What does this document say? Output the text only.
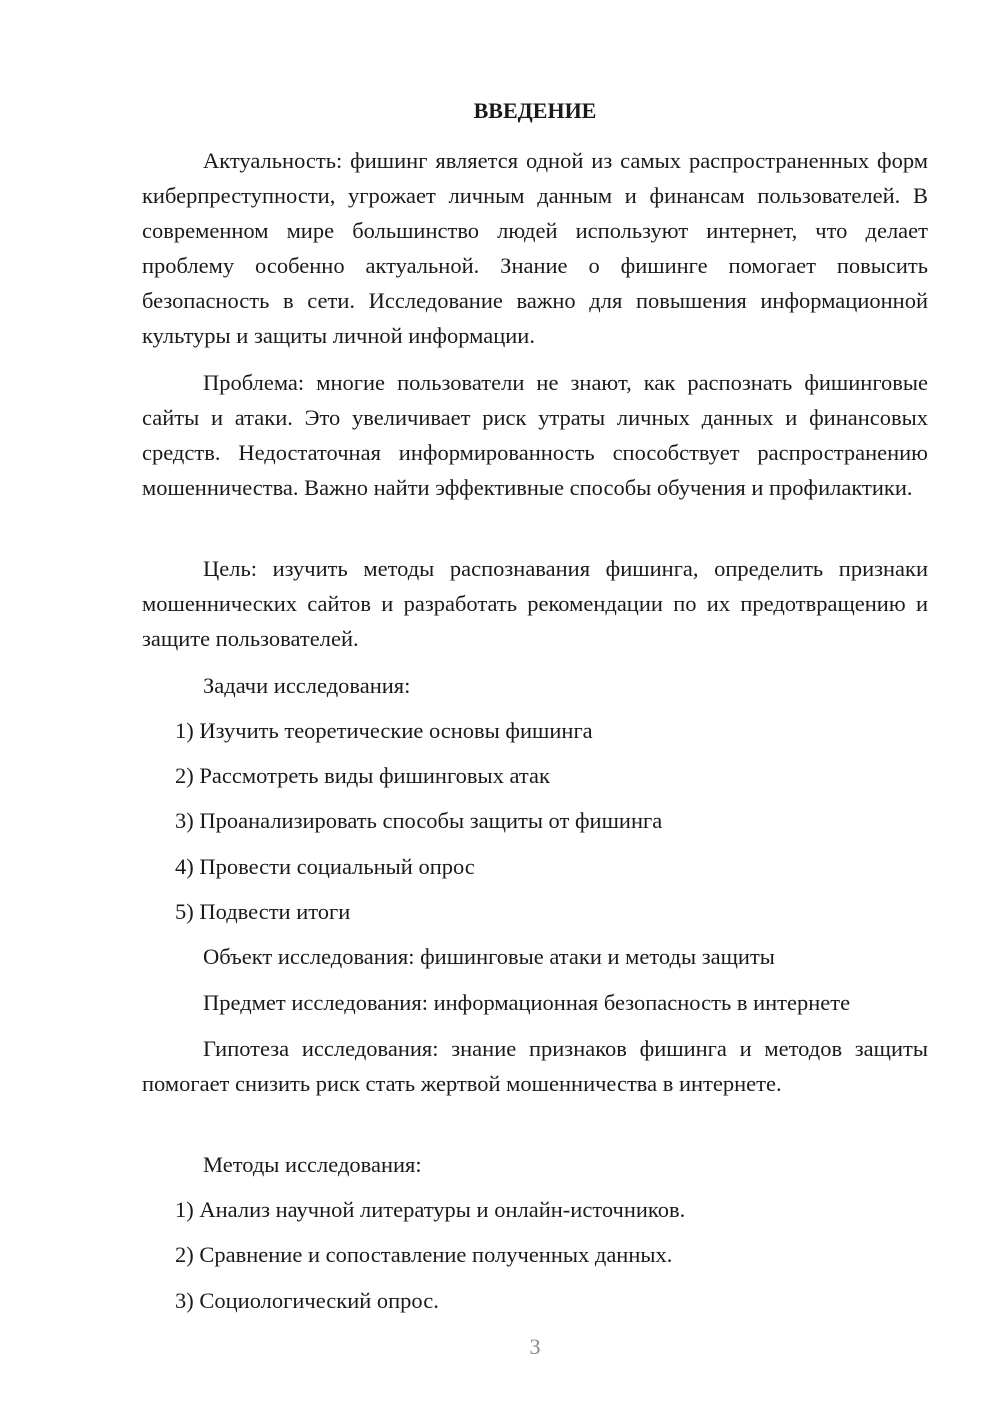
ВВЕДЕНИЕ

Актуальность: фишинг является одной из самых распространенных форм киберпреступности, угрожает личным данным и финансам пользователей. В современном мире большинство людей используют интернет, что делает проблему особенно актуальной. Знание о фишинге помогает повысить безопасность в сети. Исследование важно для повышения информационной культуры и защиты личной информации.

Проблема: многие пользователи не знают, как распознать фишинговые сайты и атаки. Это увеличивает риск утраты личных данных и финансовых средств. Недостаточная информированность способствует распространению мошенничества. Важно найти эффективные способы обучения и профилактики.

Цель: изучить методы распознавания фишинга, определить признаки мошеннических сайтов и разработать рекомендации по их предотвращению и защите пользователей.

Задачи исследования:

1) Изучить теоретические основы фишинга

2) Рассмотреть виды фишинговых атак

3) Проанализировать способы защиты от фишинга

4) Провести социальный опрос

5) Подвести итоги

Объект исследования: фишинговые атаки и методы защиты

Предмет исследования: информационная безопасность в интернете

Гипотеза исследования: знание признаков фишинга и методов защиты помогает снизить риск стать жертвой мошенничества в интернете.

Методы исследования:

1) Анализ научной литературы и онлайн-источников.

2) Сравнение и сопоставление полученных данных.

3) Социологический опрос.

3
